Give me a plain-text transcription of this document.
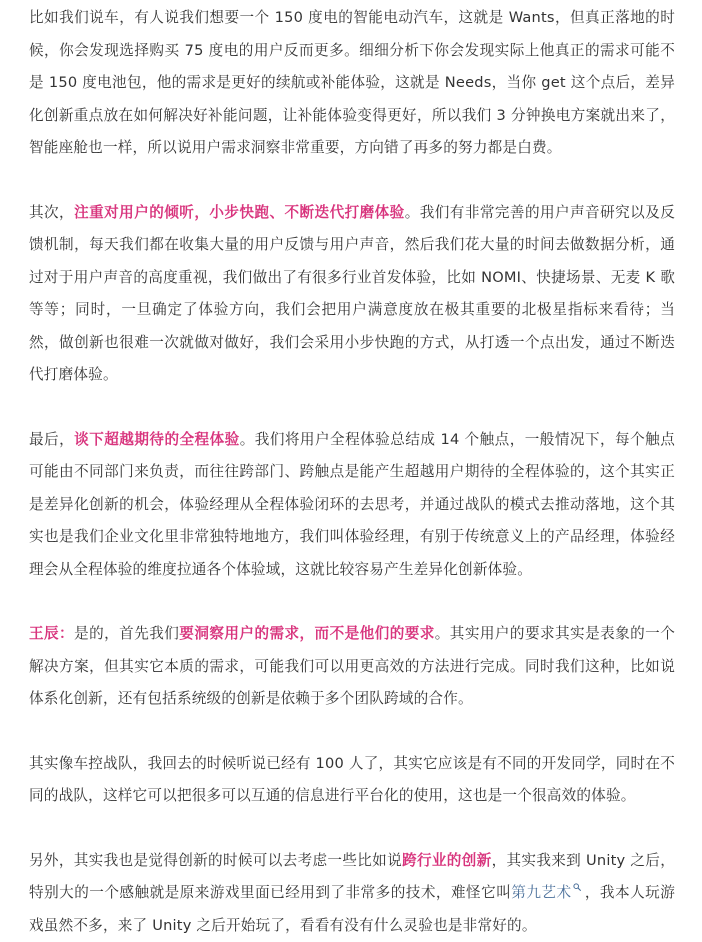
比如我们说车，有人说我们想要一个 150 度电的智能电动汽车，这就是 Wants，但真正落地的时候，你会发现选择购买 75 度电的用户反而更多。细细分析下你会发现实际上他真正的需求可能不是 150 度电池包，他的需求是更好的续航或补能体验，这就是 Needs，当你 get 这个点后，差异化创新重点放在如何解决好补能问题，让补能体验变得更好，所以我们 3 分钟换电方案就出来了，智能座舱也一样，所以说用户需求洞察非常重要，方向错了再多的努力都是白费。

其次，注重对用户的倾听，小步快跑、不断迭代打磨体验。我们有非常完善的用户声音研究以及反馈机制，每天我们都在收集大量的用户反馈与用户声音，然后我们花大量的时间去做数据分析，通过对于用户声音的高度重视，我们做出了有很多行业首发体验，比如 NOMI、快捷场景、无麦 K 歌等等；同时，一旦确定了体验方向，我们会把用户满意度放在极其重要的北极星指标来看待；当然，做创新也很难一次就做对做好，我们会采用小步快跑的方式，从打透一个点出发，通过不断迭代打磨体验。

最后，谈下超越期待的全程体验。我们将用户全程体验总结成 14 个触点，一般情况下，每个触点可能由不同部门来负责，而往往跨部门、跨触点是能产生超越用户期待的全程体验的，这个其实正是差异化创新的机会，体验经理从全程体验闭环的去思考，并通过战队的模式去推动落地，这个其实也是我们企业文化里非常独特地地方，我们叫体验经理，有别于传统意义上的产品经理，体验经理会从全程体验的维度拉通各个体验域，这就比较容易产生差异化创新体验。

王辰：是的，首先我们要洞察用户的需求，而不是他们的要求。其实用户的要求其实是表象的一个解决方案，但其实它本质的需求，可能我们可以用更高效的方法进行完成。同时我们这种，比如说体系化创新，还有包括系统级的创新是依赖于多个团队跨域的合作。

其实像车控战队，我回去的时候听说已经有 100 人了，其实它应该是有不同的开发同学，同时在不同的战队，这样它可以把很多可以互通的信息进行平台化的使用，这也是一个很高效的体验。

另外，其实我也是觉得创新的时候可以去考虑一些比如说跨行业的创新，其实我来到 Unity 之后，特别大的一个感触就是原来游戏里面已经用到了非常多的技术，难怪它叫第九艺术 ，我本人玩游戏虽然不多，来了 Unity 之后开始玩了，看看有没有什么灵验也是非常好的。
